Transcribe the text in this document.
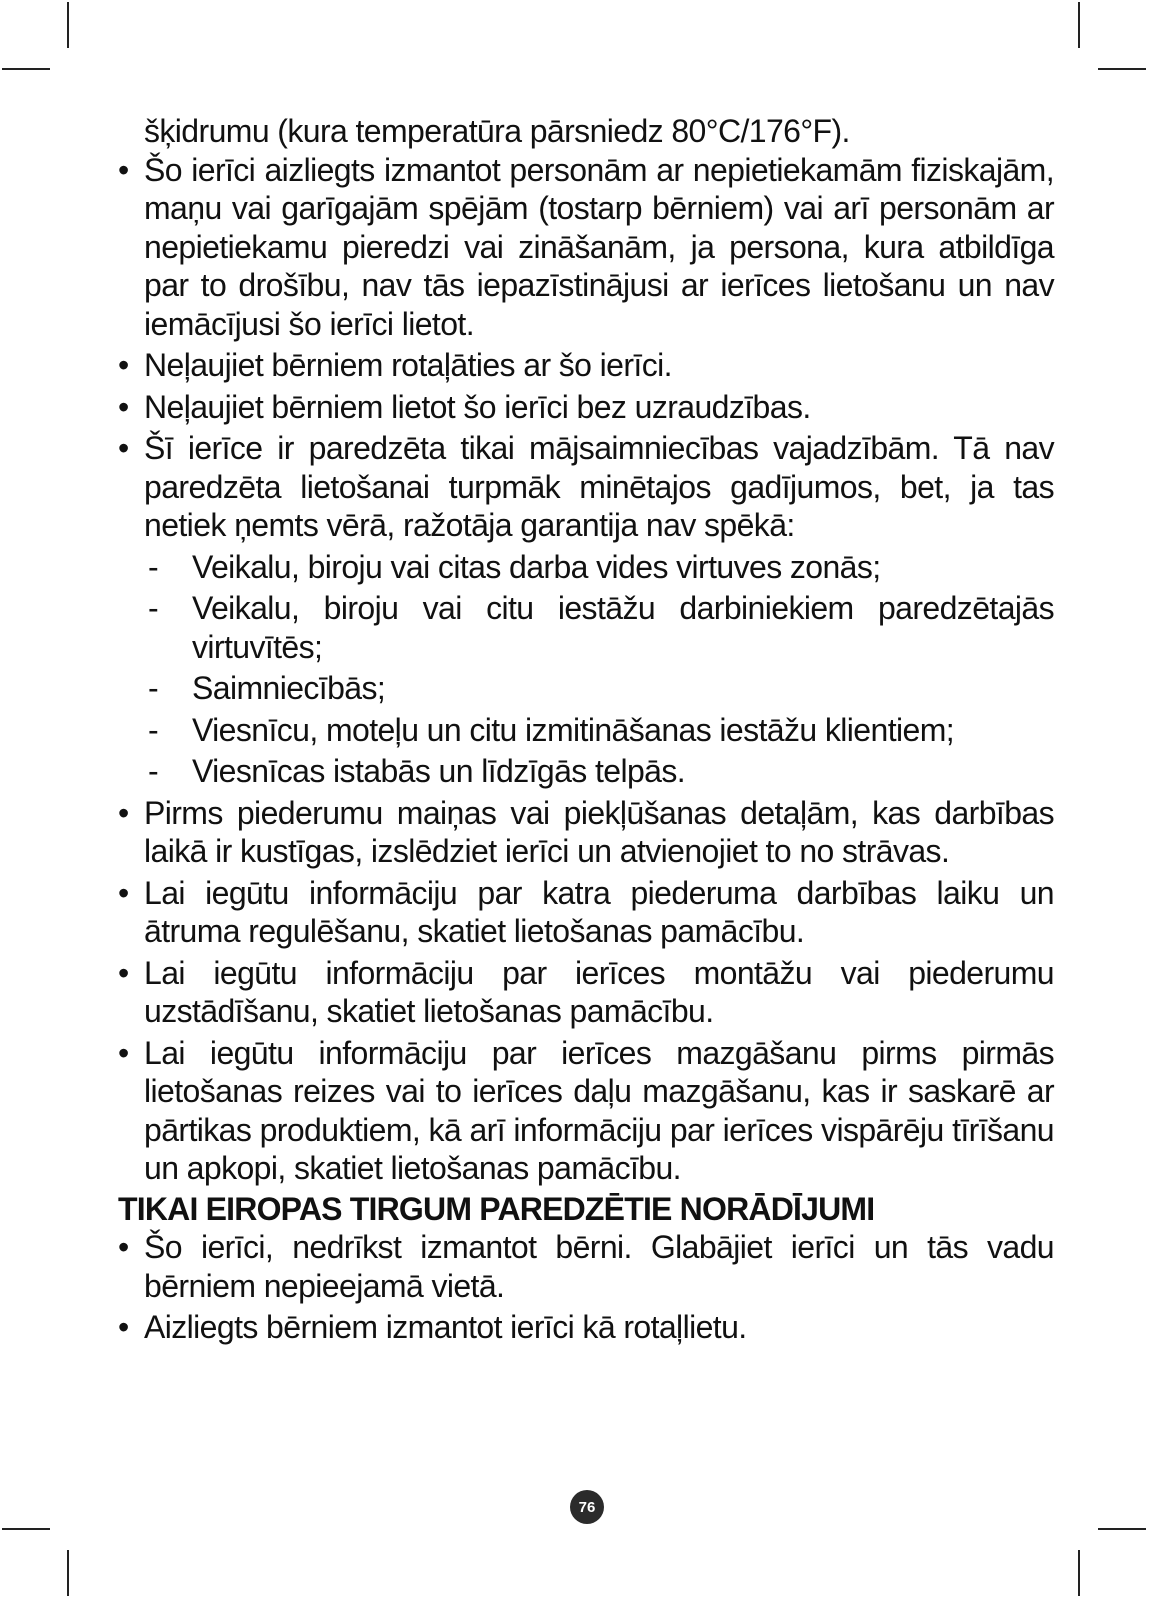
šķidrumu (kura temperatūra pārsniedz 80°C/176°F).
• Šo ierīci aizliegts izmantot personām ar nepietiekamām fiziskajām, maņu vai garīgajām spējām (tostarp bērniem) vai arī personām ar nepietiekamu pieredzi vai zināšanām, ja persona, kura atbildīga par to drošību, nav tās iepazīstinājusi ar ierīces lietošanu un nav iemācījusi šo ierīci lietot.
• Neļaujiet bērniem rotaļāties ar šo ierīci.
• Neļaujiet bērniem lietot šo ierīci bez uzraudzības.
• Šī ierīce ir paredzēta tikai mājsaimniecības vajadzībām. Tā nav paredzēta lietošanai turpmāk minētajos gadījumos, bet, ja tas netiek ņemts vērā, ražotāja garantija nav spēkā:
- Veikalu, biroju vai citas darba vides virtuves zonās;
- Veikalu, biroju vai citu iestāžu darbiniekiem paredzētajās virtuvītēs;
- Saimniecībās;
- Viesnīcu, moteļu un citu izmitināšanas iestāžu klientiem;
- Viesnīcas istabās un līdzīgās telpās.
• Pirms piederumu maiņas vai piekļūšanas detaļām, kas darbības laikā ir kustīgas, izslēdziet ierīci un atvienojiet to no strāvas.
• Lai iegūtu informāciju par katra piederuma darbības laiku un ātruma regulēšanu, skatiet lietošanas pamācību.
• Lai iegūtu informāciju par ierīces montāžu vai piederumu uzstādīšanu, skatiet lietošanas pamācību.
• Lai iegūtu informāciju par ierīces mazgāšanu pirms pirmās lietošanas reizes vai to ierīces daļu mazgāšanu, kas ir saskarē ar pārtikas produktiem, kā arī informāciju par ierīces vispārēju tīrīšanu un apkopi, skatiet lietošanas pamācību.
TIKAI EIROPAS TIRGUM PAREDZĒTIE NORĀDĪJUMI
• Šo ierīci, nedrīkst izmantot bērni. Glabājiet ierīci un tās vadu bērniem nepieejamā vietā.
• Aizliegts bērniem izmantot ierīci kā rotaļlietu.
76
